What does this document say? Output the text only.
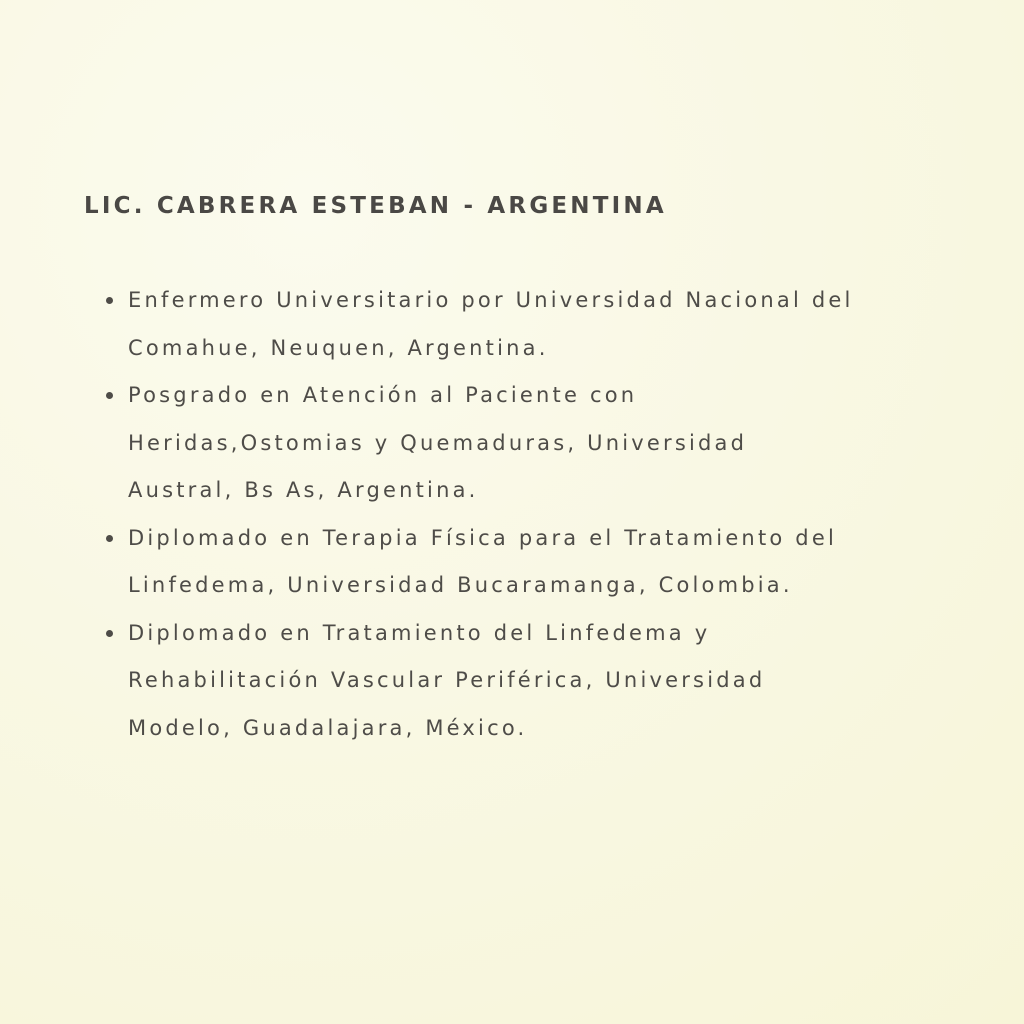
LIC. CABRERA ESTEBAN - ARGENTINA
Enfermero Universitario por Universidad Nacional del
Comahue, Neuquen, Argentina.
Posgrado en Atención al Paciente con
Heridas,Ostomias y Quemaduras, Universidad
Austral, Bs As, Argentina.
Diplomado en Terapia Física para el Tratamiento del
Linfedema, Universidad Bucaramanga, Colombia.
Diplomado en Tratamiento del Linfedema y
Rehabilitación Vascular Periférica, Universidad
Modelo, Guadalajara, México.
